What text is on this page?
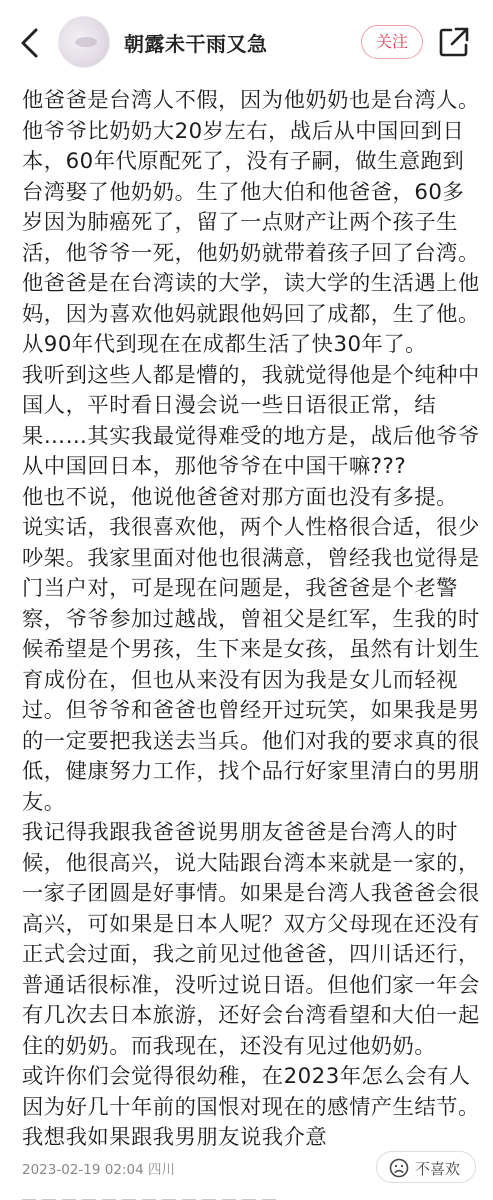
朝露未干雨又急	关注

他爸爸是台湾人不假，因为他奶奶也是台湾人。他爷爷比奶奶大20岁左右，战后从中国回到日本，60年代原配死了，没有子嗣，做生意跑到台湾娶了他奶奶。生了他大伯和他爸爸，60多岁因为肺癌死了，留了一点财产让两个孩子生活，他爷爷一死，他奶奶就带着孩子回了台湾。

他爸爸是在台湾读的大学，读大学的生活遇上他妈，因为喜欢他妈就跟他妈回了成都，生了他。从90年代到现在在成都生活了快30年了。

我听到这些人都是懵的，我就觉得他是个纯种中国人，平时看日漫会说一些日语很正常，结果……其实我最觉得难受的地方是，战后他爷爷从中国回日本，那他爷爷在中国干嘛???

他也不说，他说他爸爸对那方面也没有多提。

说实话，我很喜欢他，两个人性格很合适，很少吵架。我家里面对他也很满意，曾经我也觉得是门当户对，可是现在问题是，我爸爸是个老警察，爷爷参加过越战，曾祖父是红军，生我的时候希望是个男孩，生下来是女孩，虽然有计划生育成份在，但也从来没有因为我是女儿而轻视过。但爷爷和爸爸也曾经开过玩笑，如果我是男的一定要把我送去当兵。他们对我的要求真的很低，健康努力工作，找个品行好家里清白的男朋友。

我记得我跟我爸爸说男朋友爸爸是台湾人的时候，他很高兴，说大陆跟台湾本来就是一家的，一家子团圆是好事情。如果是台湾人我爸爸会很高兴，可如果是日本人呢？双方父母现在还没有正式会过面，我之前见过他爸爸，四川话还行，普通话很标准，没听过说日语。但他们家一年会有几次去日本旅游，还好会台湾看望和大伯一起住的奶奶。而我现在，还没有见过他奶奶。

或许你们会觉得很幼稚，在2023年怎么会有人因为好几十年前的国恨对现在的感情产生结节。我想我如果跟我男朋友说我介意

2023-02-19 02:04 四川	不喜欢
